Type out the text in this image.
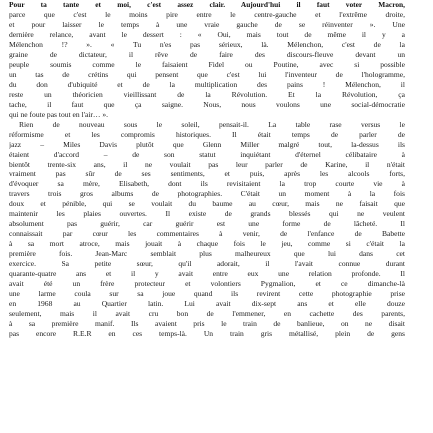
Pour ta tante et moi, c'est assez clair. Aujourd'hui il faut voter Macron,
parce que c'est le moins pire entre le centre-gauche et l'extrême droite,
et pour laisser le temps à une vraie gauche de se réinventer ». Une
dernière relance, avant le dessert : « Oui, mais tout de même il y a
Mélenchon !? ». « Tu n'es pas sérieux, là. Mélenchon, c'est de la
graine de dictateur, il rêve de faire des discours-fleuve devant un
peuple soumis comme le faisaient Fidel ou Poutine, avec si possible
un tas de crétins qui pensent que c'est lui l'inventeur de l'hologramme,
du don d'ubiquité et de la multiplication des pains ! Mélenchon, il
reste un théoricien vieillissant de la Révolution. Et la Révolution, ça
tache, il faut que ça saigne. Nous, nous voulons une social-démocratie
qui ne foute pas tout en l'air… ».
Rien de nouveau sous le soleil, pensait-il. La table rase versus le
réformisme et les compromis historiques. Il était temps de parler de
jazz – Miles Davis plutôt que Glenn Miller malgré tout, la-dessus ils
étaient d'accord – de son statut inquiétant d'éternel célibataire à
bientôt trente-six ans, il ne voulait pas leur parler de Karine, il n'était
vraiment pas sûr de ses sentiments, et puis, après les alcools forts,
d'évoquer sa mère, Elisabeth, dont ils revisitaient la trop courte vie à
travers trois gros albums de photographies. C'était un moment à la fois
doux et pénible, qui se voulait du baume au cœur, mais ne faisait que
maintenir les plaies ouvertes. Il existe de grands blessés qui ne veulent
absolument pas guérir, car guérir est une forme de lâcheté. Il
connaissait par cœur les commentaires à venir, de l'enfance de Babette
à sa mort atroce, mais jouait à chaque fois le jeu, comme si c'était la
première fois. Jean-Marc semblait plus malheureux que lui dans cet
exercice. Sa petite sœur, qu'il adorait, il l'avait connue durant
quarante-quatre ans et il y avait entre eux une relation profonde. Il
avait été un frère protecteur et volontiers Pygmalion, et ce dimanche-là
une larme coula sur sa joue quand ils revirent cette photographie prise
en 1968 au Quartier latin. Lui avait dix-sept ans et elle douze
seulement, mais il avait cru bon de l'emmener, en cachette des parents,
à sa première manif. Ils avaient pris le train de banlieue, on ne disait
pas encore R.E.R en ces temps-là. Un train gris métallisé, plein de gens
